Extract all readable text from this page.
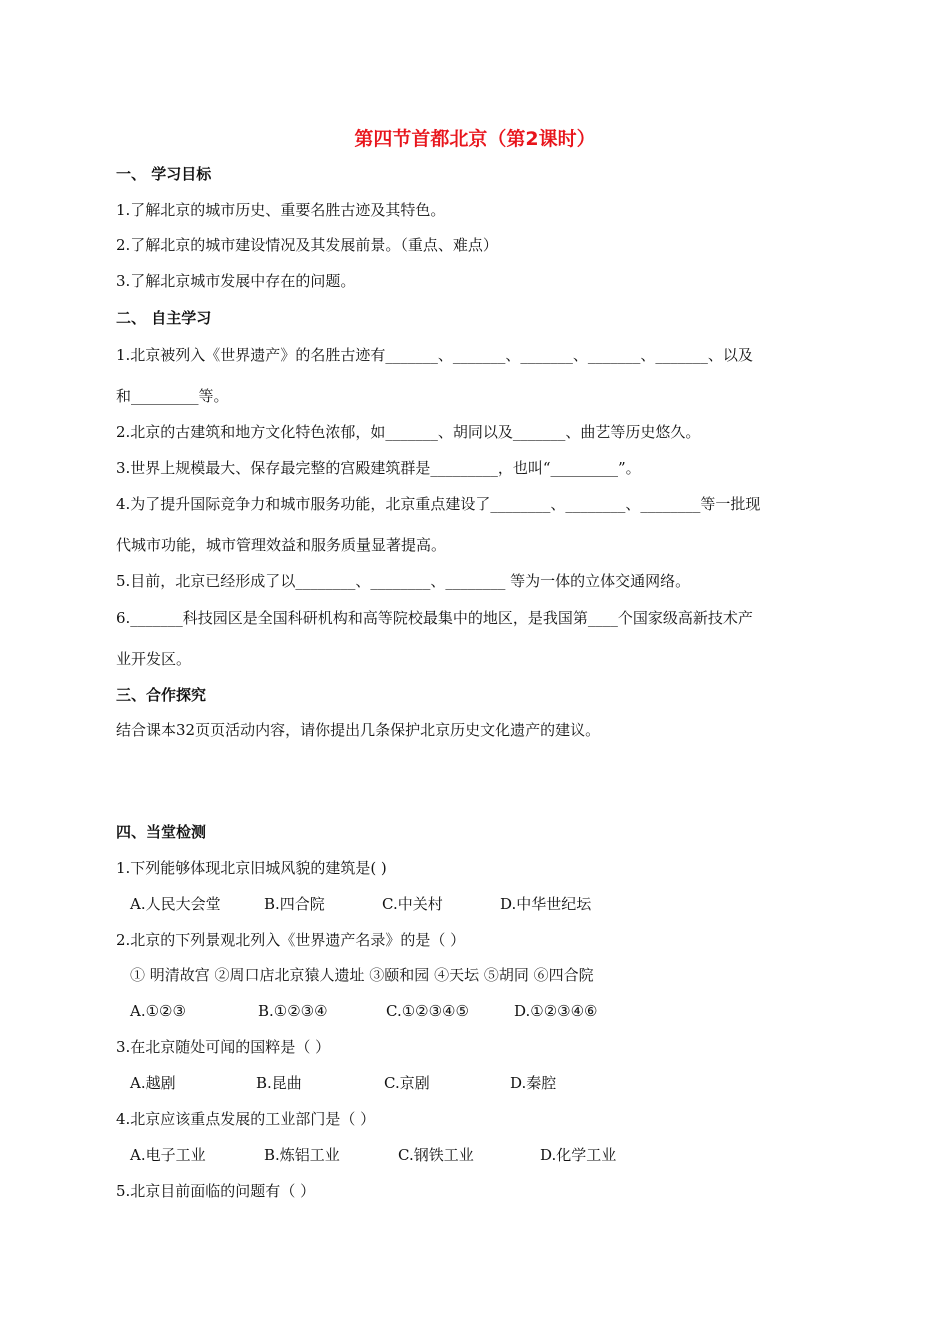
第四节首都北京（第2课时）
一、 学习目标
1.了解北京的城市历史、重要名胜古迹及其特色。
2.了解北京的城市建设情况及其发展前景。（重点、难点）
3.了解北京城市发展中存在的问题。
二、 自主学习
1.北京被列入《世界遗产》的名胜古迹有_______、_______、_______、_______、_______、以及
和_________等。
2.北京的古建筑和地方文化特色浓郁，如_______、胡同以及_______、曲艺等历史悠久。
3.世界上规模最大、保存最完整的宫殿建筑群是_________，也叫“_________”。
4.为了提升国际竞争力和城市服务功能，北京重点建设了________、________、________等一批现
代城市功能，城市管理效益和服务质量显著提高。
5.目前，北京已经形成了以________、________、________ 等为一体的立体交通网络。
6._______科技园区是全国科研机构和高等院校最集中的地区，是我国第____个国家级高新技术产
业开发区。
三、合作探究
结合课本32页页活动内容，请你提出几条保护北京历史文化遗产的建议。
四、当堂检测
1.下列能够体现北京旧城风貌的建筑是( )
A.人民大会堂	B.四合院	C.中关村	D.中华世纪坛
2.北京的下列景观北列入《世界遗产名录》的是（ ）
① 明清故宫 ②周口店北京猿人遗址 ③颐和园 ④天坛 ⑤胡同 ⑥四合院
A.①②③	B.①②③④	C.①②③④⑤	D.①②③④⑥
3.在北京随处可闻的国粹是（ ）
A.越剧	B.昆曲	C.京剧	D.秦腔
4.北京应该重点发展的工业部门是（ ）
A.电子工业	B.炼铝工业	C.钢铁工业	D.化学工业
5.北京目前面临的问题有（ ）
